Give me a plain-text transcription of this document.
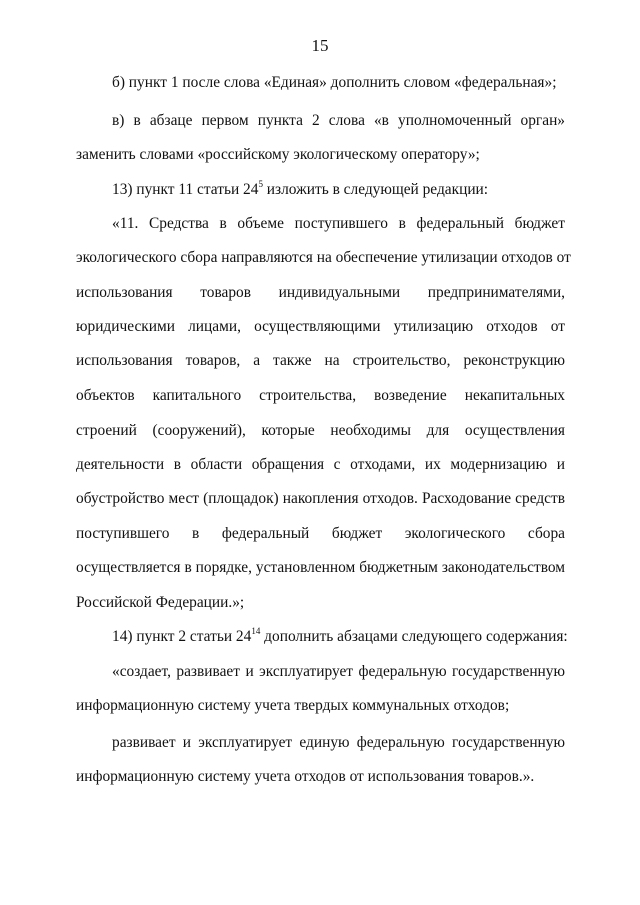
15
б) пункт 1 после слова «Единая» дополнить словом «федеральная»;
в) в абзаце первом пункта 2 слова «в уполномоченный орган»
заменить словами «российскому экологическому оператору»;
13) пункт 11 статьи $24^5$ изложить в следующей редакции:
«11. Средства в объеме поступившего в федеральный бюджет
экологического сбора направляются на обеспечение утилизации отходов от
использования товаров индивидуальными предпринимателями,
юридическими лицами, осуществляющими утилизацию отходов от
использования товаров, а также на строительство, реконструкцию
объектов капитального строительства, возведение некапитальных
строений (сооружений), которые необходимы для осуществления
деятельности в области обращения с отходами, их модернизацию и
обустройство мест (площадок) накопления отходов. Расходование средств
поступившего в федеральный бюджет экологического сбора
осуществляется в порядке, установленном бюджетным законодательством
Российской Федерации.»;
14) пункт 2 статьи $24^{14}$ дополнить абзацами следующего содержания:
«создает, развивает и эксплуатирует федеральную государственную
информационную систему учета твердых коммунальных отходов;
развивает и эксплуатирует единую федеральную государственную
информационную систему учета отходов от использования товаров.».
